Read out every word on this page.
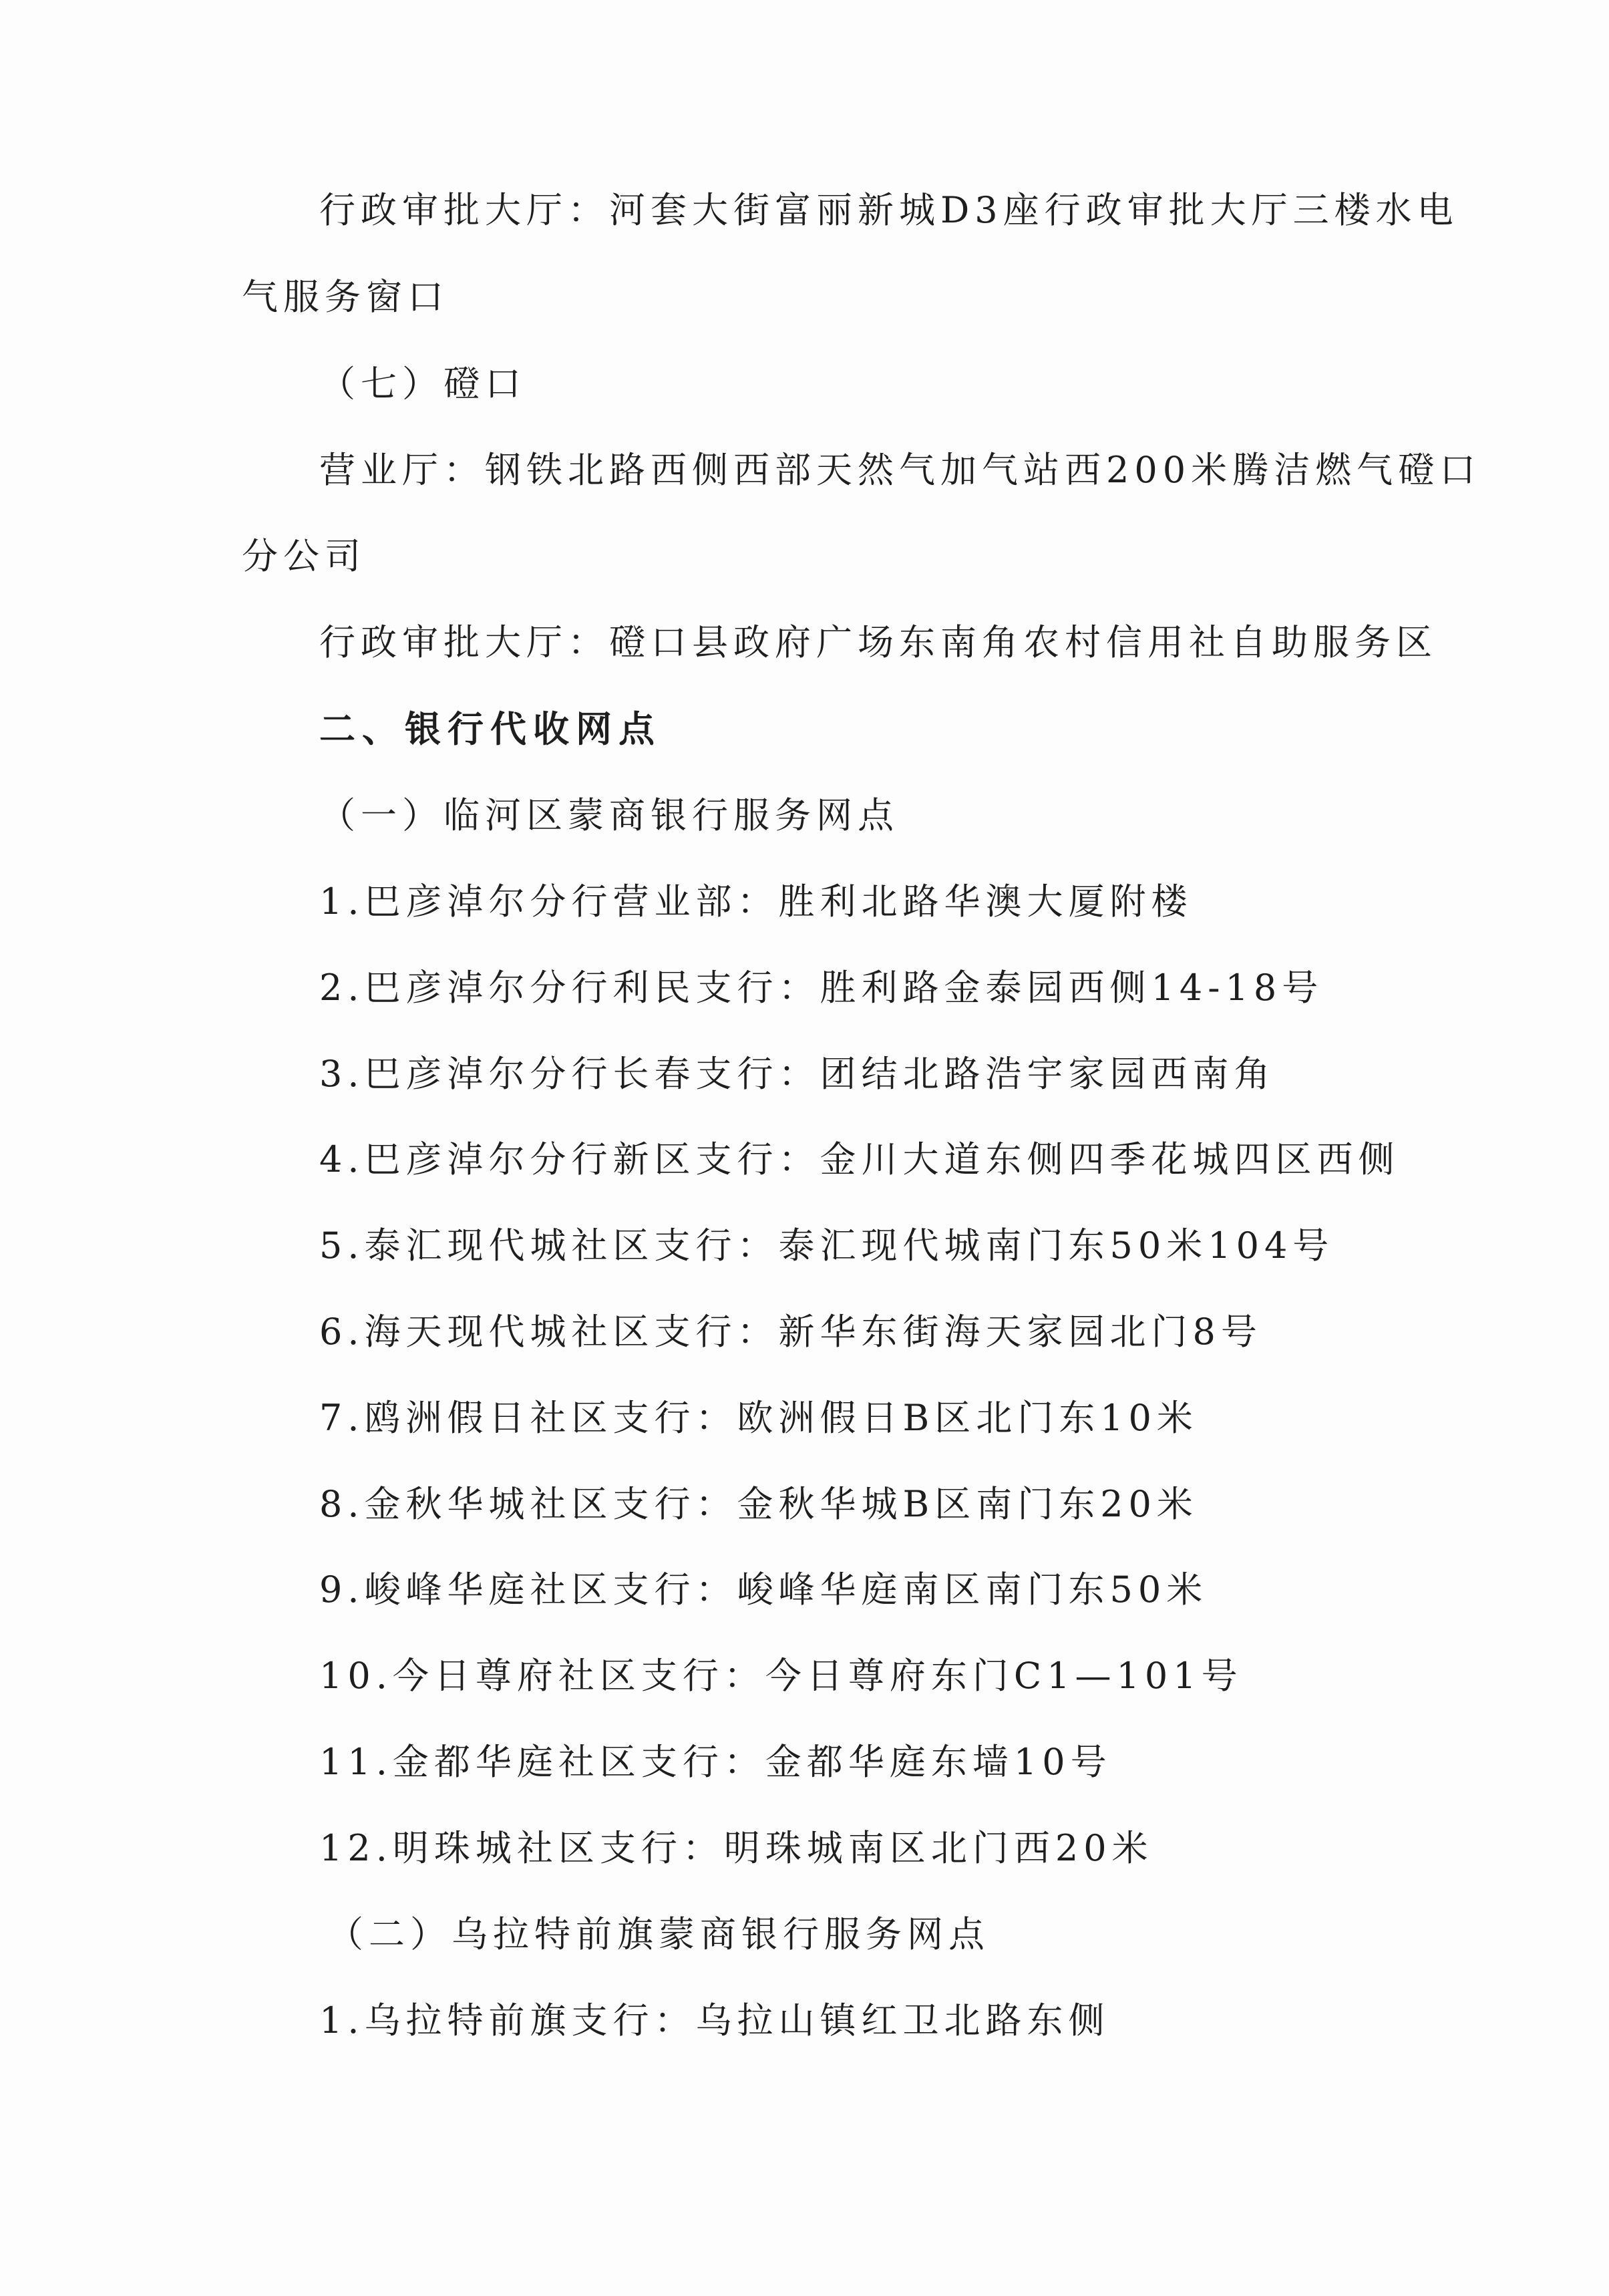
行政审批大厅：河套大街富丽新城D3座行政审批大厅三楼水电
气服务窗口
（七）磴口
营业厅：钢铁北路西侧西部天然气加气站西200米腾洁燃气磴口
分公司
行政审批大厅：磴口县政府广场东南角农村信用社自助服务区
二、银行代收网点
（一）临河区蒙商银行服务网点
1.巴彦淖尔分行营业部：胜利北路华澳大厦附楼
2.巴彦淖尔分行利民支行：胜利路金泰园西侧14-18号
3.巴彦淖尔分行长春支行：团结北路浩宇家园西南角
4.巴彦淖尔分行新区支行：金川大道东侧四季花城四区西侧
5.泰汇现代城社区支行：泰汇现代城南门东50米104号
6.海天现代城社区支行：新华东街海天家园北门8号
7.鸥洲假日社区支行：欧洲假日B区北门东10米
8.金秋华城社区支行：金秋华城B区南门东20米
9.峻峰华庭社区支行：峻峰华庭南区南门东50米
10.今日尊府社区支行：今日尊府东门C1—101号
11.金都华庭社区支行：金都华庭东墙10号
12.明珠城社区支行：明珠城南区北门西20米
（二）乌拉特前旗蒙商银行服务网点
1.乌拉特前旗支行：乌拉山镇红卫北路东侧
